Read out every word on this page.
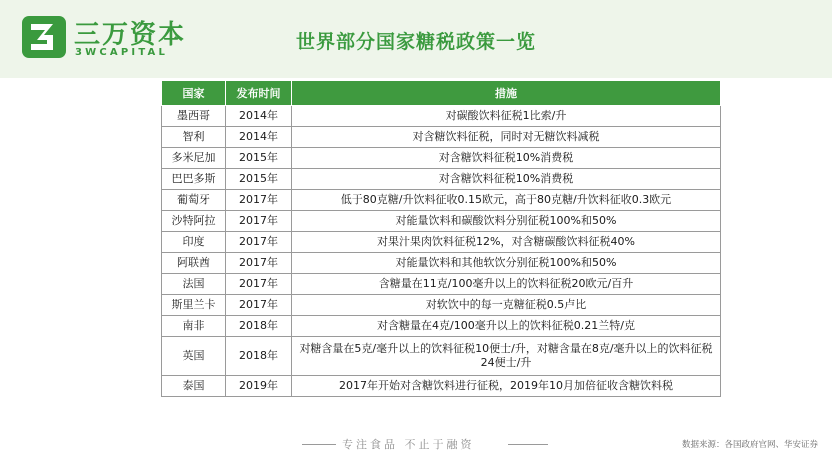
三万资本
3WCAPITAL	世界部分国家糖税政策一览
国家	发布时间	措施
墨西哥	2014年	对碳酸饮料征税1比索/升
智利	2014年	对含糖饮料征税，同时对无糖饮料减税
多米尼加	2015年	对含糖饮料征税10%消费税
巴巴多斯	2015年	对含糖饮料征税10%消费税
葡萄牙	2017年	低于80克糖/升饮料征收0.15欧元，高于80克糖/升饮料征收0.3欧元
沙特阿拉	2017年	对能量饮料和碳酸饮料分别征税100%和50%
印度	2017年	对果汁果肉饮料征税12%，对含糖碳酸饮料征税40%
阿联酋	2017年	对能量饮料和其他软饮分别征税100%和50%
法国	2017年	含糖量在11克/100毫升以上的饮料征税20欧元/百升
斯里兰卡	2017年	对软饮中的每一克糖征税0.5卢比
南非	2018年	对含糖量在4克/100毫升以上的饮料征税0.21兰特/克
英国	2018年	对糖含量在5克/毫升以上的饮料征税10便士/升，对糖含量在8克/毫升以上的饮料征税24便士/升
泰国	2019年	2017年开始对含糖饮料进行征税，2019年10月加倍征收含糖饮料税
专注食品 不止于融资	数据来源：各国政府官网、华安证券
